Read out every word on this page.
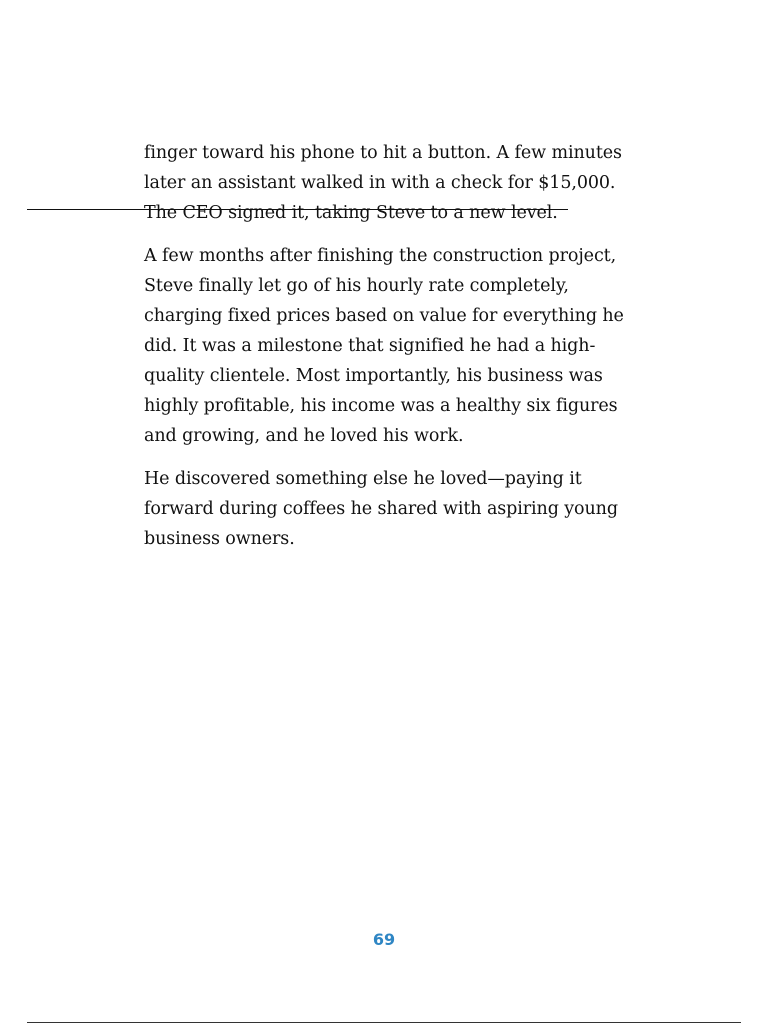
finger toward his phone to hit a button. A few minutes
later an assistant walked in with a check for $15,000.
The CEO signed it, taking Steve to a new level.

A few months after finishing the construction project,
Steve finally let go of his hourly rate completely,
charging fixed prices based on value for everything he
did. It was a milestone that signified he had a high-
quality clientele. Most importantly, his business was
highly profitable, his income was a healthy six figures
and growing, and he loved his work.

He discovered something else he loved—paying it
forward during coffees he shared with aspiring young
business owners.

69
